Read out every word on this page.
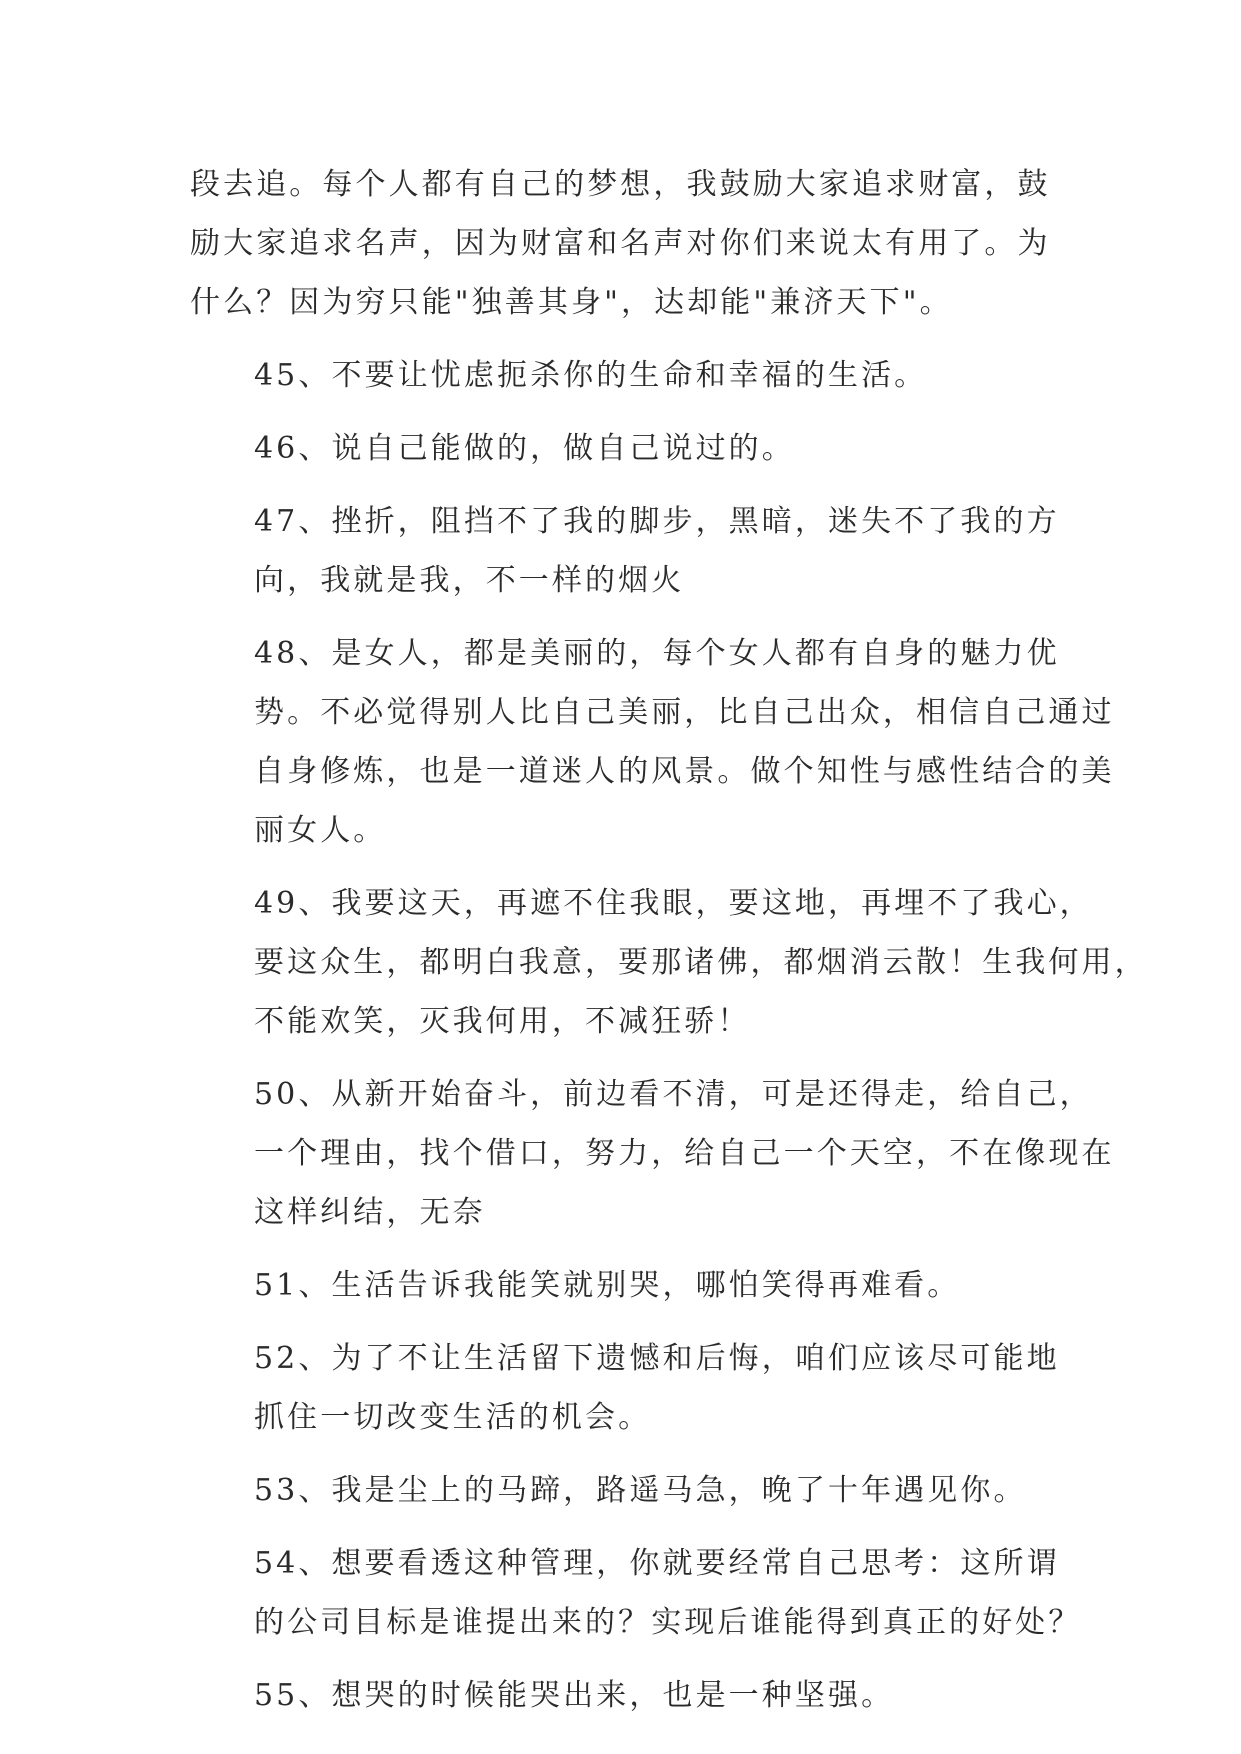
段去追。每个人都有自己的梦想，我鼓励大家追求财富，鼓
励大家追求名声，因为财富和名声对你们来说太有用了。为
什么？因为穷只能"独善其身"，达却能"兼济天下"。

45、不要让忧虑扼杀你的生命和幸福的生活。

46、说自己能做的，做自己说过的。

47、挫折，阻挡不了我的脚步，黑暗，迷失不了我的方
向，我就是我，不一样的烟火

48、是女人，都是美丽的，每个女人都有自身的魅力优
势。不必觉得别人比自己美丽，比自己出众，相信自己通过
自身修炼，也是一道迷人的风景。做个知性与感性结合的美
丽女人。

49、我要这天，再遮不住我眼，要这地，再埋不了我心，
要这众生，都明白我意，要那诸佛，都烟消云散！生我何用，
不能欢笑，灭我何用，不减狂骄！

50、从新开始奋斗，前边看不清，可是还得走，给自己，
一个理由，找个借口，努力，给自己一个天空，不在像现在
这样纠结，无奈

51、生活告诉我能笑就别哭，哪怕笑得再难看。

52、为了不让生活留下遗憾和后悔，咱们应该尽可能地
抓住一切改变生活的机会。

53、我是尘上的马蹄，路遥马急，晚了十年遇见你。

54、想要看透这种管理，你就要经常自己思考：这所谓
的公司目标是谁提出来的？实现后谁能得到真正的好处？

55、想哭的时候能哭出来，也是一种坚强。
